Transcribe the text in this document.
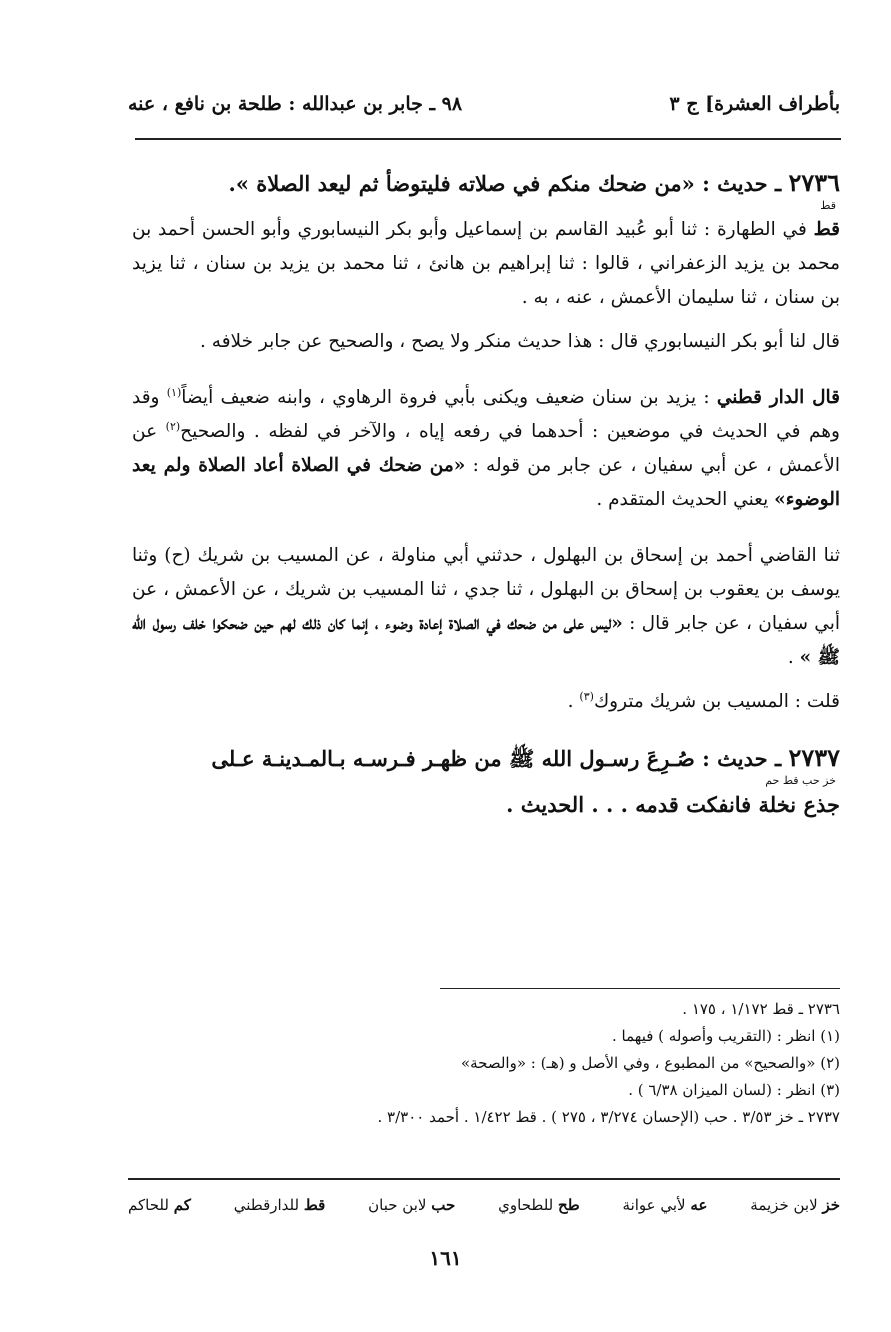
بأطراف العشرة] ج ٣
٩٨ ـ جابر بن عبدالله : طلحة بن نافع ، عنه
٢٧٣٦ ـ حديث : «من ضحك منكم في صلاته فليتوضأ ثم ليعد الصلاة ».
قط

قط في الطهارة : ثنا أبو عُبيد القاسم بن إسماعيل وأبو بكر النيسابوري وأبو الحسن أحمد بن محمد بن يزيد الزعفراني ، قالوا : ثنا إبراهيم بن هانئ ، ثنا محمد بن يزيد بن سنان ، ثنا يزيد بن سنان ، ثنا سليمان الأعمش ، عنه ، به .

قال لنا أبو بكر النيسابوري قال : هذا حديث منكر ولا يصح ، والصحيح عن جابر خلافه .

قال الدار قطني : يزيد بن سنان ضعيف ويكنى بأبي فروة الرهاوي ، وابنه ضعيف أيضاً$^{(١)}$ وقد وهم في الحديث في موضعين : أحدهما في رفعه إياه ، والآخر في لفظه . والصحيح$^{(٢)}$ عن الأعمش ، عن أبي سفيان ، عن جابر من قوله : «من ضحك في الصلاة أعاد الصلاة ولم يعد الوضوء» يعني الحديث المتقدم .

ثنا القاضي أحمد بن إسحاق بن البهلول ، حدثني أبي مناولة ، عن المسيب بن شريك (ح) وثنا يوسف بن يعقوب بن إسحاق بن البهلول ، ثنا جدي ، ثنا المسيب بن شريك ، عن الأعمش ، عن أبي سفيان ، عن جابر قال : «ليس على من ضحك في الصلاة إعادة وضوء ، إنما كان ذلك لهم حين ضحكوا خلف رسول الله ﷺ » .

قلت : المسيب بن شريك متروك$^{(٣)}$ .

٢٧٣٧ ـ حديث : صُـرِعَ رسـول الله ﷺ من ظهـر فـرسـه بـالمـدينـة عـلى
خز حب قط حم
جذع نخلة فانفكت قدمه . . . الحديث .
٢٧٣٦ ـ قط ١/١٧٢ ، ١٧٥ .
(١) انظر : (التقريب وأصوله ) فيهما .
(٢) «والصحيح» من المطبوع ، وفي الأصل و (هـ) : «والصحة»
(٣) انظر : (لسان الميزان ٦/٣٨ ) .
٢٧٣٧ ـ خز ٣/٥٣ . حب (الإحسان ٣/٢٧٤ ، ٢٧٥ ) . قط ١/٤٢٢ . أحمد ٣/٣٠٠ .
خز لابن خزيمة
عه لأبي عوانة
طح للطحاوي
حب لابن حبان
قط للدارقطني
كم للحاكم
١٦١
